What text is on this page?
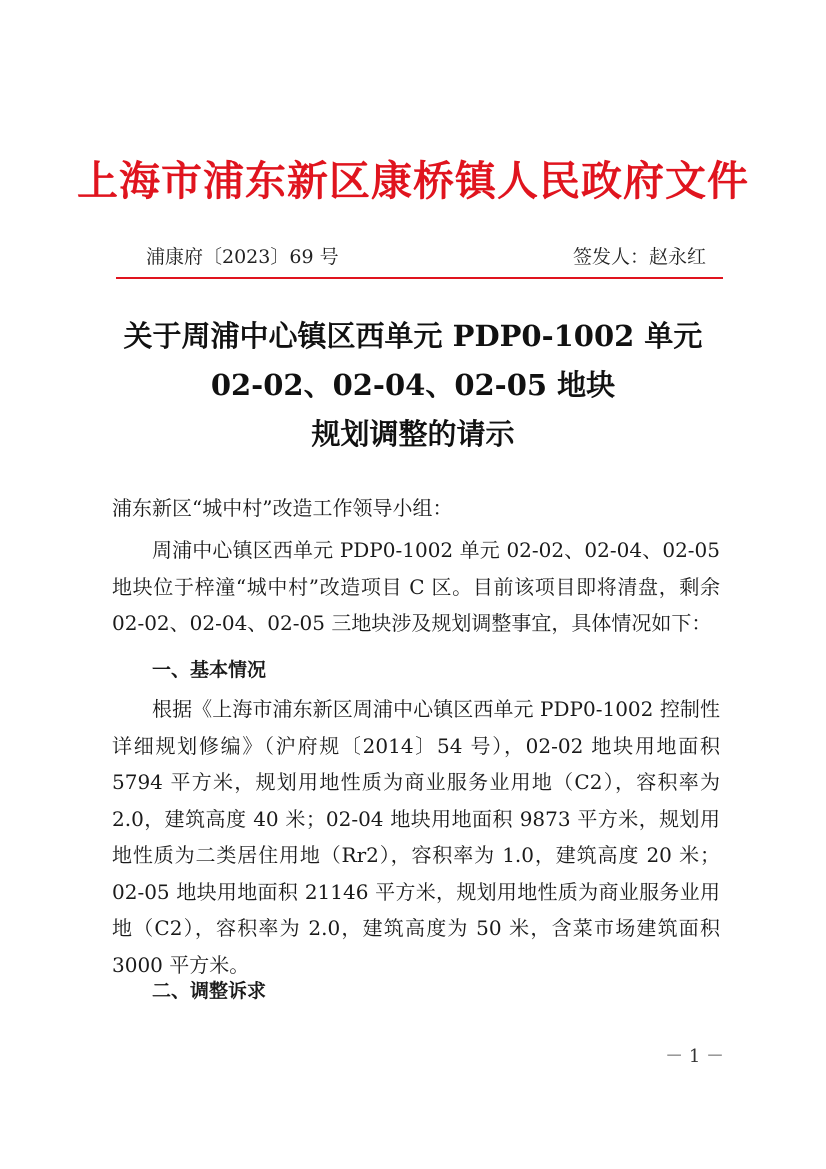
上海市浦东新区康桥镇人民政府文件
浦康府〔2023〕69 号	签发人：赵永红
关于周浦中心镇区西单元 PDP0-1002 单元
02-02、02-04、02-05 地块
规划调整的请示
浦东新区“城中村”改造工作领导小组：
周浦中心镇区西单元 PDP0-1002 单元 02-02、02-04、02-05 地块位于梓潼“城中村”改造项目 C 区。目前该项目即将清盘，剩余 02-02、02-04、02-05 三地块涉及规划调整事宜，具体情况如下：
一、基本情况
根据《上海市浦东新区周浦中心镇区西单元 PDP0-1002 控制性详细规划修编》（沪府规〔2014〕54 号），02-02 地块用地面积 5794 平方米，规划用地性质为商业服务业用地（C2），容积率为 2.0，建筑高度 40 米；02-04 地块用地面积 9873 平方米，规划用地性质为二类居住用地（Rr2），容积率为 1.0，建筑高度 20 米；02-05 地块用地面积 21146 平方米，规划用地性质为商业服务业用地（C2），容积率为 2.0，建筑高度为 50 米，含菜市场建筑面积 3000 平方米。
二、调整诉求
－ 1 －
